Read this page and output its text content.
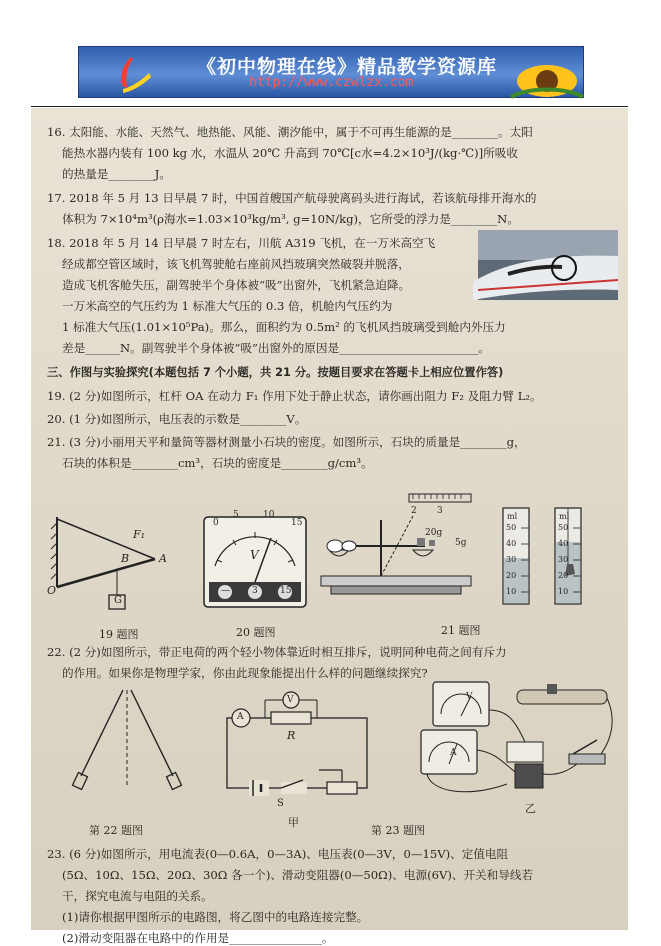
《初中物理在线》精品教学资源库
http://www.czwlzx.com
16. 太阳能、水能、天然气、地热能、风能、潮汐能中，属于不可再生能源的是________。太阳
能热水器内装有 100 kg 水，水温从 20℃ 升高到 70℃[c水=4.2×10³J/(kg·℃)]所吸收
的热量是________J。
17. 2018 年 5 月 13 日早晨 7 时，中国首艘国产航母驶离码头进行海试，若该航母排开海水的
体积为 7×10⁴m³(ρ海水=1.03×10³kg/m³, g=10N/kg)，它所受的浮力是________N。
18. 2018 年 5 月 14 日早晨 7 时左右，川航 A319 飞机，在一万米高空飞
经成都空管区域时，该飞机驾驶舱右座前风挡玻璃突然破裂并脱落，
造成飞机客舱失压，副驾驶半个身体被“吸”出窗外，飞机紧急迫降。
一万米高空的气压约为 1 标准大气压的 0.3 倍，机舱内气压约为
1 标准大气压(1.01×10⁵Pa)。那么，面积约为 0.5m² 的飞机风挡玻璃受到舱内外压力
差是______N。副驾驶半个身体被“吸”出窗外的原因是________________________。
三、作图与实验探究(本题包括 7 个小题，共 21 分。按题目要求在答题卡上相应位置作答)
19. (2 分)如图所示，杠杆 OA 在动力 F₁ 作用下处于静止状态，请你画出阻力 F₂ 及阻力臂 L₂。
20. (1 分)如图所示，电压表的示数是________V。
21. (3 分)小丽用天平和量筒等器材测量小石块的密度。如图所示，石块的质量是________g，
石块的体积是________cm³，石块的密度是________g/cm³。
O
B	A
F₁
G
19 题图
0
5	10
15
V
— 3 15
20 题图
2 3
20g
5g
ml	ml
50
40
30
20
10
50
40
30
20
10
21 题图
22. (2 分)如图所示，带正电荷的两个轻小物体靠近时相互排斥，说明同种电荷之间有斥力
的作用。如果你是物理学家，你由此现象能提出什么样的问题继续探究?
第 22 题图
A
V
R
S
甲
V
A
乙
第 23 题图
23. (6 分)如图所示，用电流表(0—0.6A，0—3A)、电压表(0—3V，0—15V)、定值电阻
(5Ω、10Ω、15Ω、20Ω、30Ω 各一个)、滑动变阻器(0—50Ω)、电源(6V)、开关和导线若
干，探究电流与电阻的关系。
(1)请你根据甲图所示的电路图，将乙图中的电路连接完整。
(2)滑动变阻器在电路中的作用是________________。
